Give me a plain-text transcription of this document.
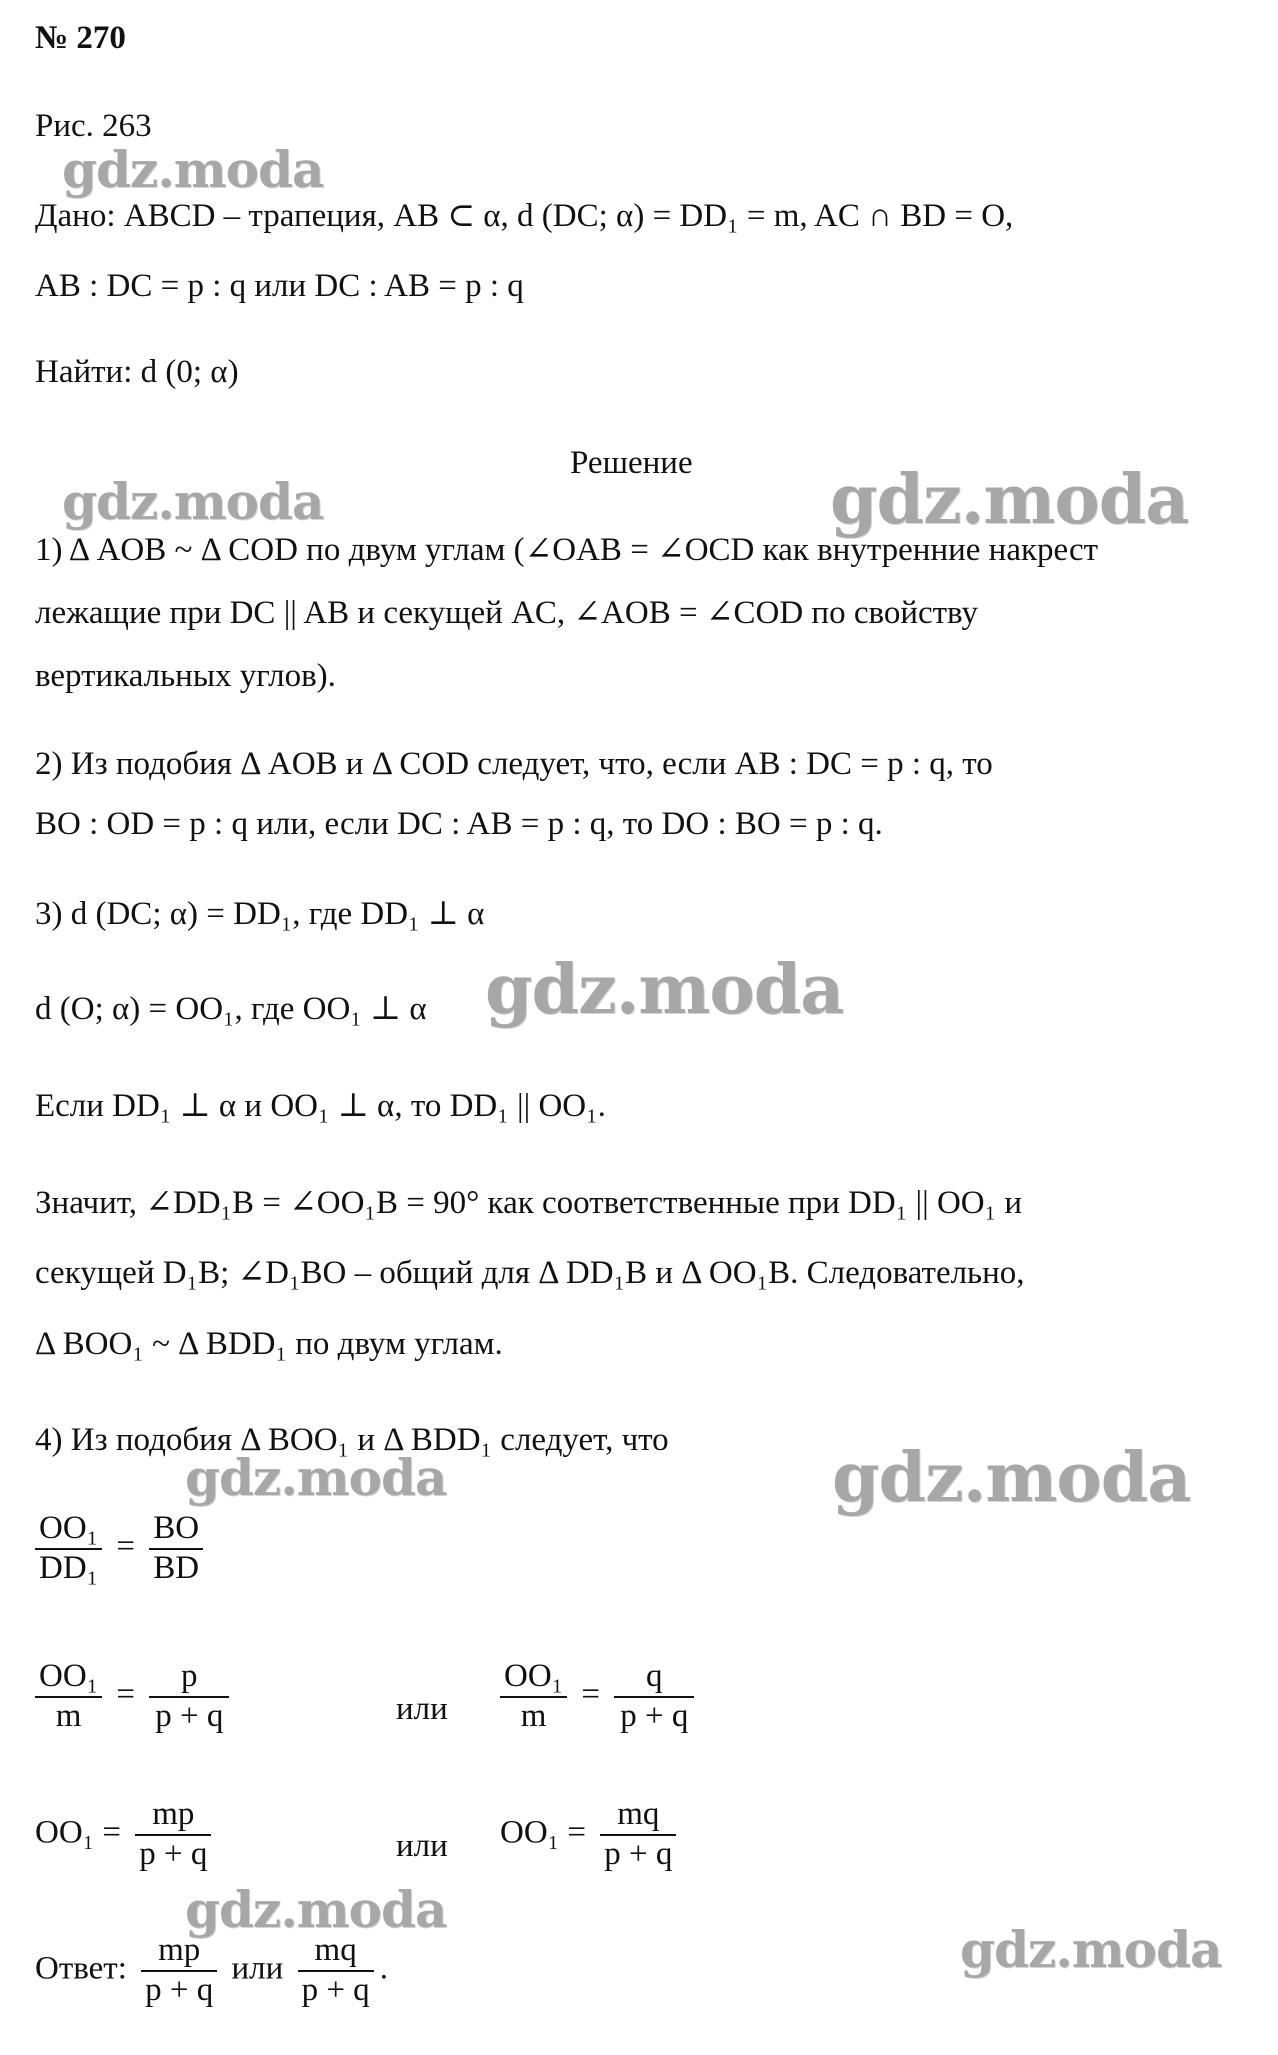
№ 270
Рис. 263
Дано: ABCD – трапеция, AB ⊂ α, d (DC; α) = DD₁ = m, AC ∩ BD = O,
AB : DC = p : q или DC : AB = p : q
Найти: d (0; α)
Решение
1) Δ AOB ~ Δ COD по двум углам (∠OAB = ∠OCD как внутренние накрест
лежащие при DC || AB и секущей AC, ∠AOB = ∠COD по свойству
вертикальных углов).
2) Из подобия Δ AOB и Δ COD следует, что, если AB : DC = p : q, то
BO : OD = p : q или, если DC : AB = p : q, то DO : BO = p : q.
3) d (DC; α) = DD₁, где DD₁ ⊥ α
d (O; α) = OO₁, где OO₁ ⊥ α
Если DD₁ ⊥ α и OO₁ ⊥ α, то DD₁ || OO₁.
Значит, ∠DD₁B = ∠OO₁B = 90° как соответственные при DD₁ || OO₁ и
секущей D₁B; ∠D₁BO – общий для Δ DD₁B и Δ OO₁B. Следовательно,
Δ BOO₁ ~ Δ BDD₁ по двум углам.
4) Из подобия Δ BOO₁ и Δ BDD₁ следует, что
$\frac{\text{OO₁}}{\text{DD₁}} = \frac{BO}{BD}$
$\frac{\text{OO₁}}{m} = \frac{p}{p + q}$	или $\frac{\text{OO₁}}{m} = \frac{q}{p + q}$
$OO_1 = \frac{mp}{p + q}$	или $OO_1 = \frac{mq}{p + q}$
Ответ: $\frac{mp}{p + q}$ или $\frac{mq}{p + q}$ .
gdz.moda
gdz.moda	gdz.moda
gdz.moda
gdz.moda	gdz.moda
gdz.moda
gdz.moda
